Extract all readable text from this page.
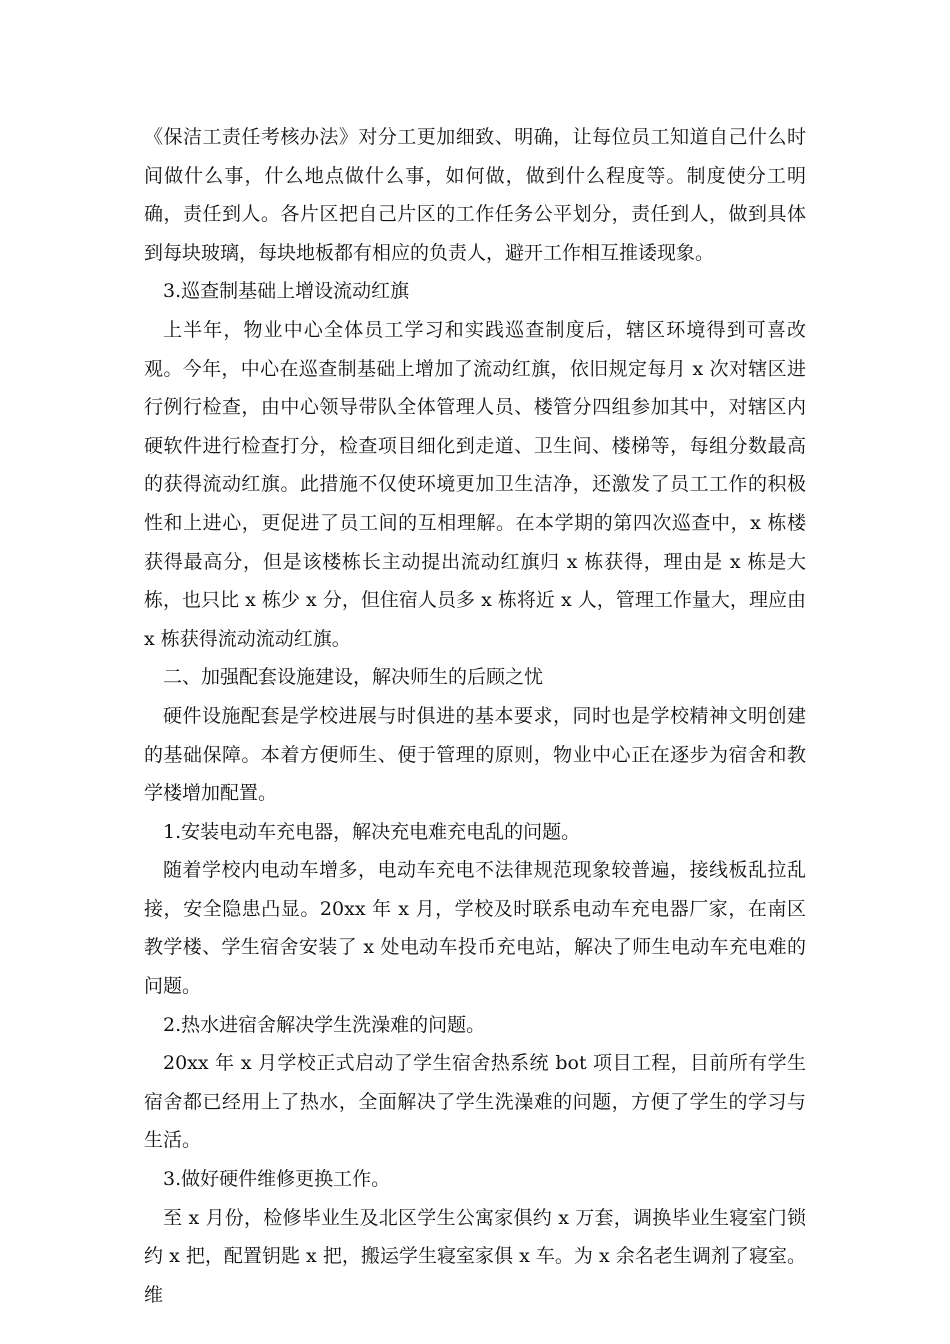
《保洁工责任考核办法》对分工更加细致、明确，让每位员工知道自己什么时间做什么事，什么地点做什么事，如何做，做到什么程度等。制度使分工明确，责任到人。各片区把自己片区的工作任务公平划分，责任到人，做到具体到每块玻璃，每块地板都有相应的负责人，避开工作相互推诿现象。

3.巡查制基础上增设流动红旗

上半年，物业中心全体员工学习和实践巡查制度后，辖区环境得到可喜改观。今年，中心在巡查制基础上增加了流动红旗，依旧规定每月 x 次对辖区进行例行检查，由中心领导带队全体管理人员、楼管分四组参加其中，对辖区内硬软件进行检查打分，检查项目细化到走道、卫生间、楼梯等，每组分数最高的获得流动红旗。此措施不仅使环境更加卫生洁净，还激发了员工工作的积极性和上进心，更促进了员工间的互相理解。在本学期的第四次巡查中，x 栋楼获得最高分，但是该楼栋长主动提出流动红旗归 x 栋获得，理由是 x 栋是大栋，也只比 x 栋少 x 分，但住宿人员多 x 栋将近 x 人，管理工作量大，理应由 x 栋获得流动流动红旗。

二、加强配套设施建设，解决师生的后顾之忧

硬件设施配套是学校进展与时俱进的基本要求，同时也是学校精神文明创建的基础保障。本着方便师生、便于管理的原则，物业中心正在逐步为宿舍和教学楼增加配置。

1.安装电动车充电器，解决充电难充电乱的问题。

随着学校内电动车增多，电动车充电不法律规范现象较普遍，接线板乱拉乱接，安全隐患凸显。20xx 年 x 月，学校及时联系电动车充电器厂家，在南区教学楼、学生宿舍安装了 x 处电动车投币充电站，解决了师生电动车充电难的问题。

2.热水进宿舍解决学生洗澡难的问题。

20xx 年 x 月学校正式启动了学生宿舍热系统 bot 项目工程，目前所有学生宿舍都已经用上了热水，全面解决了学生洗澡难的问题，方便了学生的学习与生活。

3.做好硬件维修更换工作。

至 x 月份，检修毕业生及北区学生公寓家俱约 x 万套，调换毕业生寝室门锁约 x 把，配置钥匙 x 把，搬运学生寝室家俱 x 车。为 x 余名老生调剂了寝室。维
